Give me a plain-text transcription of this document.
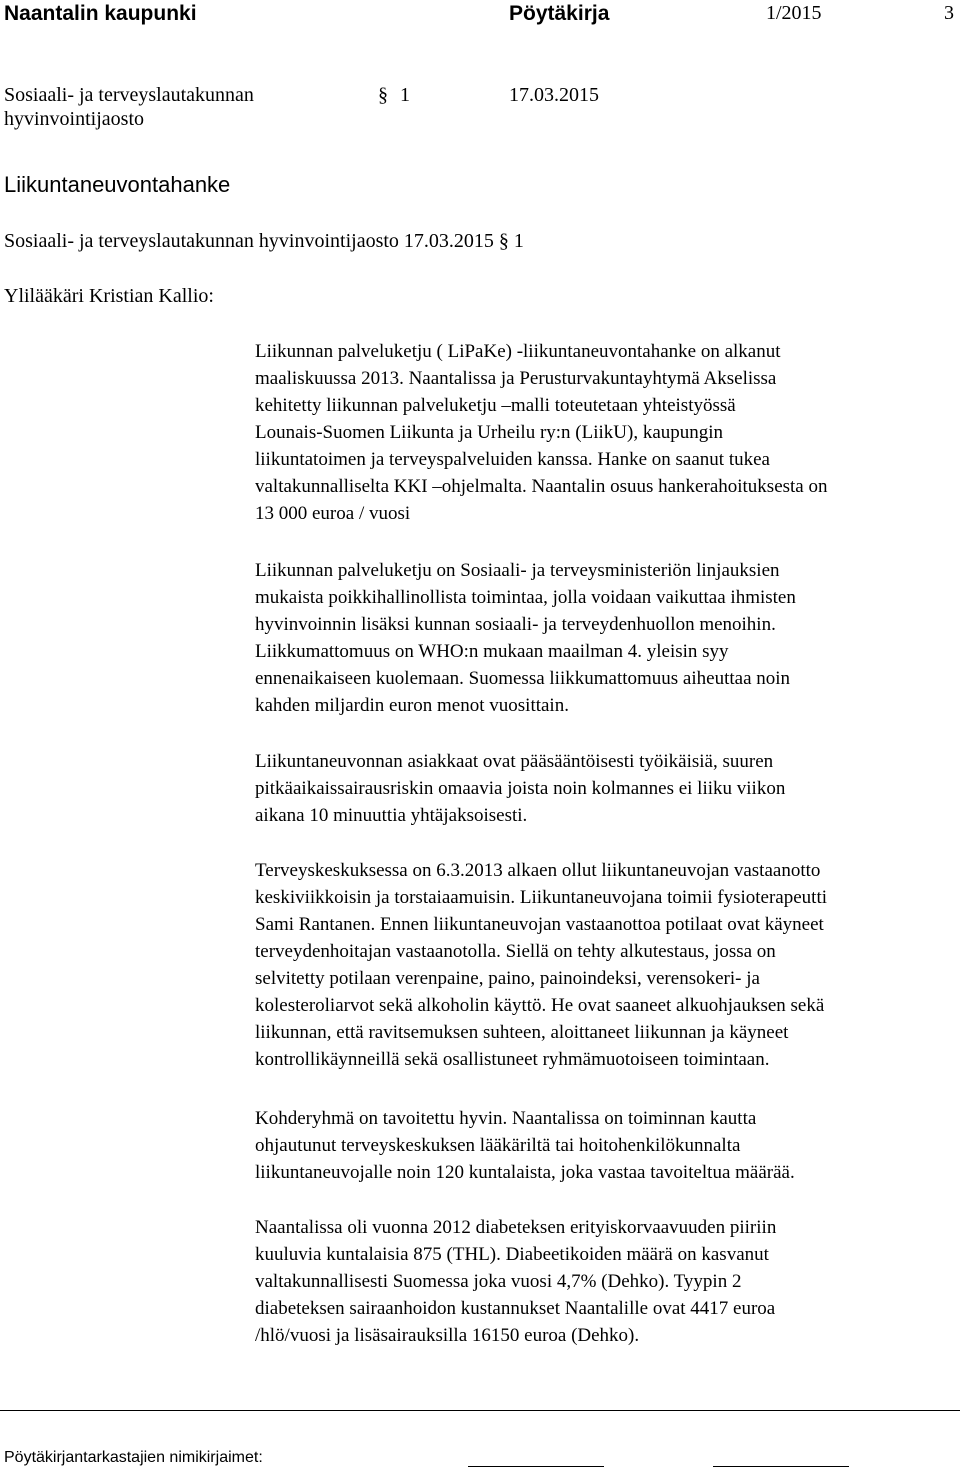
Naantalin kaupunki	Pöytäkirja	1/2015	3
Sosiaali- ja terveyslautakunnan
hyvinvointijaosto
§ 1	17.03.2015
Liikuntaneuvontahanke
Sosiaali- ja terveyslautakunnan hyvinvointijaosto 17.03.2015 § 1
Ylilääkäri Kristian Kallio:

Liikunnan palveluketju ( LiPaKe) -liikuntaneuvontahanke on alkanut

maaliskuussa 2013. Naantalissa ja Perusturvakuntayhtymä Akselissa

kehitetty liikunnan palveluketju –malli toteutetaan yhteistyössä

Lounais-Suomen Liikunta ja Urheilu ry:n (LiikU), kaupungin

liikuntatoimen ja terveyspalveluiden kanssa. Hanke on saanut tukea

valtakunnalliselta KKI –ohjelmalta. Naantalin osuus hankerahoituksesta on

13 000 euroa / vuosi

Liikunnan palveluketju on Sosiaali- ja terveysministeriön linjauksien

mukaista poikkihallinollista toimintaa, jolla voidaan vaikuttaa ihmisten

hyvinvoinnin lisäksi kunnan sosiaali- ja terveydenhuollon menoihin.

Liikkumattomuus on WHO:n mukaan maailman 4. yleisin syy

ennenaikaiseen kuolemaan. Suomessa liikkumattomuus aiheuttaa noin

kahden miljardin euron menot vuosittain.

Liikuntaneuvonnan asiakkaat ovat pääsääntöisesti työikäisiä, suuren

pitkäaikaissairausriskin omaavia joista noin kolmannes ei liiku viikon

aikana 10 minuuttia yhtäjaksoisesti.

Terveyskeskuksessa on 6.3.2013 alkaen ollut liikuntaneuvojan vastaanotto

keskiviikkoisin ja torstaiaamuisin. Liikuntaneuvojana toimii fysioterapeutti

Sami Rantanen. Ennen liikuntaneuvojan vastaanottoa potilaat ovat käyneet

terveydenhoitajan vastaanotolla. Siellä on tehty alkutestaus, jossa on

selvitetty potilaan verenpaine, paino, painoindeksi, verensokeri- ja

kolesteroliarvot sekä alkoholin käyttö. He ovat saaneet alkuohjauksen sekä

liikunnan, että ravitsemuksen suhteen, aloittaneet liikunnan ja käyneet

kontrollikäynneillä sekä osallistuneet ryhmämuotoiseen toimintaan.

Kohderyhmä on tavoitettu hyvin. Naantalissa on toiminnan kautta

ohjautunut terveyskeskuksen lääkäriltä tai hoitohenkilökunnalta

liikuntaneuvojalle noin 120 kuntalaista, joka vastaa tavoiteltua määrää.

Naantalissa oli vuonna 2012 diabeteksen erityiskorvaavuuden piiriin

kuuluvia kuntalaisia 875 (THL). Diabeetikoiden määrä on kasvanut

valtakunnallisesti Suomessa joka vuosi 4,7% (Dehko). Tyypin 2

diabeteksen sairaanhoidon kustannukset Naantalille ovat 4417 euroa

/hlö/vuosi ja lisäsairauksilla 16150 euroa (Dehko).

Pöytäkirjantarkastajien nimikirjaimet:
